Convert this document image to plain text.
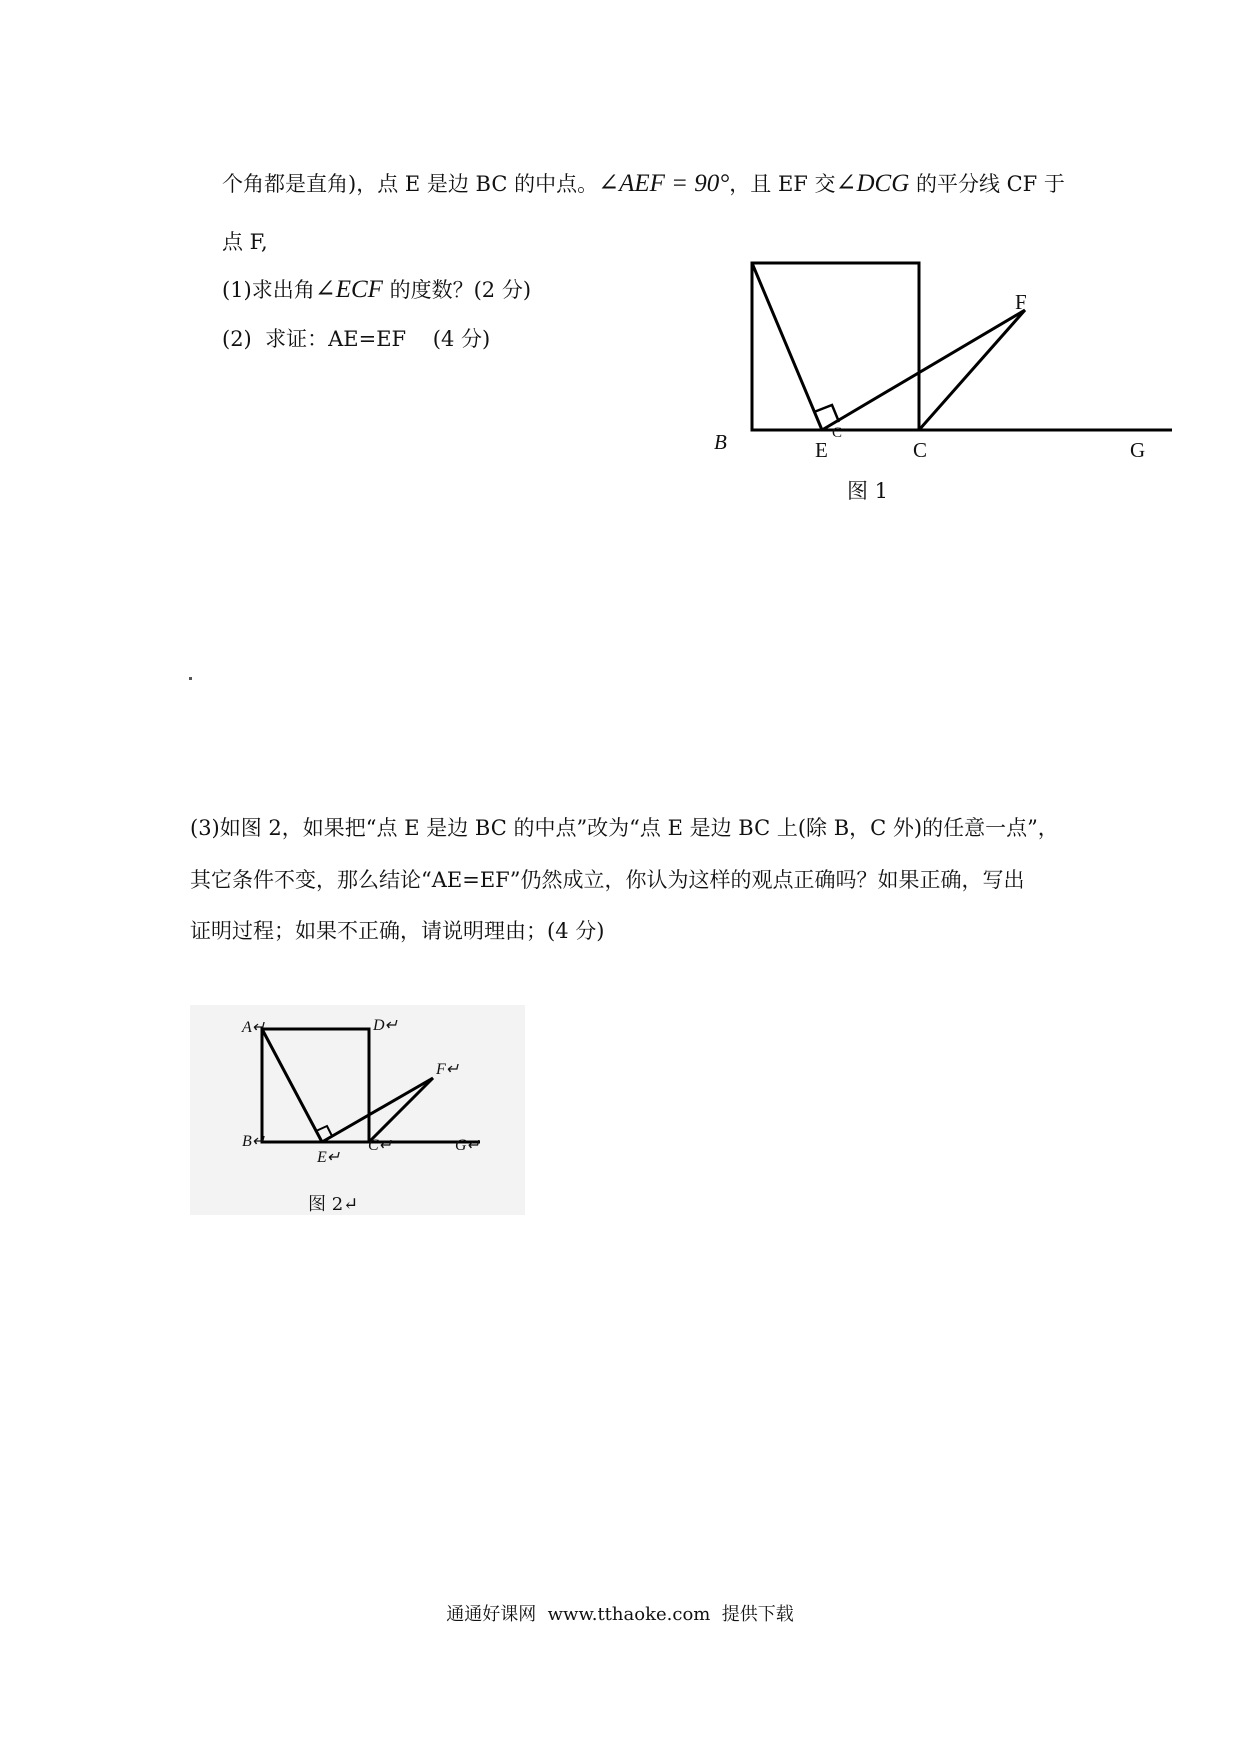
个角都是直角)，点 E 是边 BC 的中点。∠AEF = 90°，且 EF 交∠DCG 的平分线 CF 于
点 F,
(1)求出角∠ECF 的度数？(2 分)
(2)  求证：AE=EF    (4 分)
B	E
C
C	G
F
图 1
(3)如图 2，如果把“点 E 是边 BC 的中点”改为“点 E 是边 BC 上(除 B，C 外)的任意一点”，
其它条件不变，那么结论“AE=EF”仍然成立，你认为这样的观点正确吗？如果正确，写出
证明过程；如果不正确，请说明理由；(4 分)
A↵	D↵
F↵
B↵
E↵
C↵	G↵
图 2↵
通通好课网  www.tthaoke.com  提供下载
